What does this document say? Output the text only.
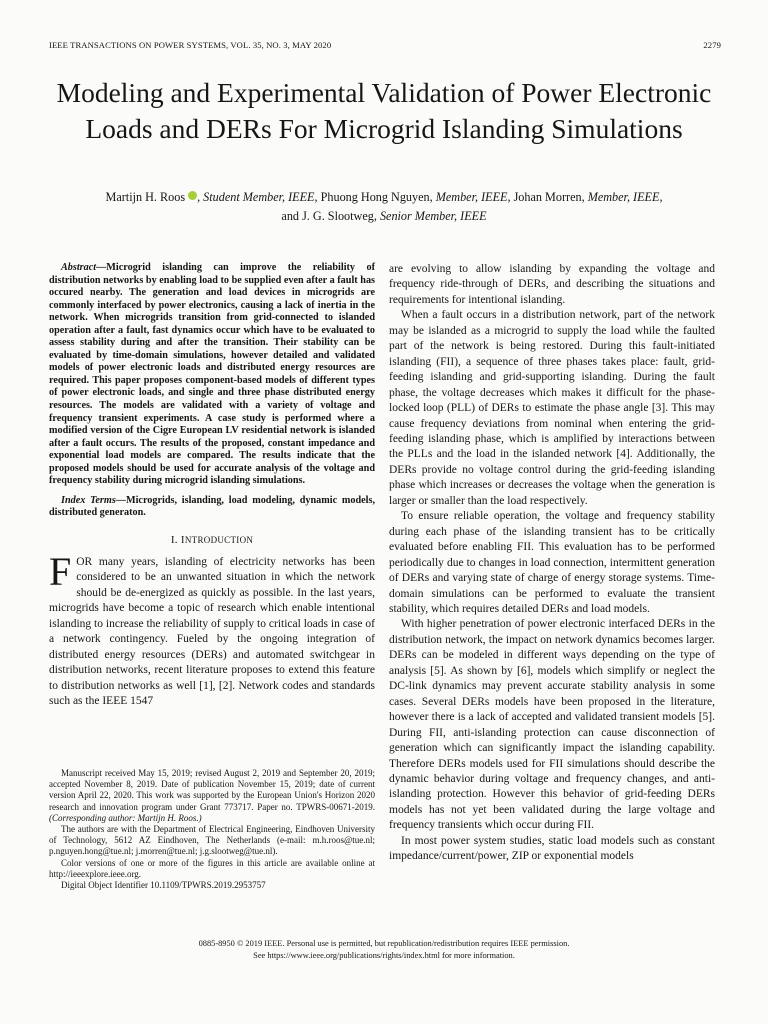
IEEE TRANSACTIONS ON POWER SYSTEMS, VOL. 35, NO. 3, MAY 2020	2279
Modeling and Experimental Validation of Power Electronic Loads and DERs For Microgrid Islanding Simulations
Martijn H. Roos , Student Member, IEEE, Phuong Hong Nguyen, Member, IEEE, Johan Morren, Member, IEEE,
and J. G. Slootweg, Senior Member, IEEE

Abstract—Microgrid islanding can improve the reliability of distribution networks by enabling load to be supplied even after a fault has occured nearby. The generation and load devices in microgrids are commonly interfaced by power electronics, causing a lack of inertia in the network. When microgrids transition from grid-connected to islanded operation after a fault, fast dynamics occur which have to be evaluated to assess stability during and after the transition. Their stability can be evaluated by time-domain simulations, however detailed and validated models of power electronic loads and distributed energy resources are required. This paper proposes component-based models of different types of power electronic loads, and single and three phase distributed energy resources. The models are validated with a variety of voltage and frequency transient experiments. A case study is performed where a modified version of the Cigre European LV residential network is islanded after a fault occurs. The results of the proposed, constant impedance and exponential load models are compared. The results indicate that the proposed models should be used for accurate analysis of the voltage and frequency stability during microgrid islanding simulations.

Index Terms—Microgrids, islanding, load modeling, dynamic models, distributed generaton.

I. INTRODUCTION

FOR many years, islanding of electricity networks has been considered to be an unwanted situation in which the network should be de-energized as quickly as possible. In the last years, microgrids have become a topic of research which enable intentional islanding to increase the reliability of supply to critical loads in case of a network contingency. Fueled by the ongoing integration of distributed energy resources (DERs) and automated switchgear in distribution networks, recent literature proposes to extend this feature to distribution networks as well [1], [2]. Network codes and standards such as the IEEE 1547

Manuscript received May 15, 2019; revised August 2, 2019 and September 20, 2019; accepted November 8, 2019. Date of publication November 15, 2019; date of current version April 22, 2020. This work was supported by the European Union's Horizon 2020 research and innovation program under Grant 773717. Paper no. TPWRS-00671-2019. (Corresponding author: Martijn H. Roos.)

The authors are with the Department of Electrical Engineering, Eindhoven University of Technology, 5612 AZ Eindhoven, The Netherlands (e-mail: m.h.roos@tue.nl; p.nguyen.hong@tue.nl; j.morren@tue.nl; j.g.slootweg@tue.nl).

Color versions of one or more of the figures in this article are available online at http://ieeexplore.ieee.org.

Digital Object Identifier 10.1109/TPWRS.2019.2953757

are evolving to allow islanding by expanding the voltage and frequency ride-through of DERs, and describing the situations and requirements for intentional islanding.

When a fault occurs in a distribution network, part of the network may be islanded as a microgrid to supply the load while the faulted part of the network is being restored. During this fault-initiated islanding (FII), a sequence of three phases takes place: fault, grid-feeding islanding and grid-supporting islanding. During the fault phase, the voltage decreases which makes it difficult for the phase-locked loop (PLL) of DERs to estimate the phase angle [3]. This may cause frequency deviations from nominal when entering the grid-feeding islanding phase, which is amplified by interactions between the PLLs and the load in the islanded network [4]. Additionally, the DERs provide no voltage control during the grid-feeding islanding phase which increases or decreases the voltage when the generation is larger or smaller than the load respectively.

To ensure reliable operation, the voltage and frequency stability during each phase of the islanding transient has to be critically evaluated before enabling FII. This evaluation has to be performed periodically due to changes in load connection, intermittent generation of DERs and varying state of charge of energy storage systems. Time-domain simulations can be performed to evaluate the transient stability, which requires detailed DERs and load models.

With higher penetration of power electronic interfaced DERs in the distribution network, the impact on network dynamics becomes larger. DERs can be modeled in different ways depending on the type of analysis [5]. As shown by [6], models which simplify or neglect the DC-link dynamics may prevent accurate stability analysis in some cases. Several DERs models have been proposed in the literature, however there is a lack of accepted and validated transient models [5]. During FII, anti-islanding protection can cause disconnection of generation which can significantly impact the islanding capability. Therefore DERs models used for FII simulations should describe the dynamic behavior during voltage and frequency changes, and anti-islanding protection. However this behavior of grid-feeding DERs models has not yet been validated during the large voltage and frequency transients which occur during FII.

In most power system studies, static load models such as constant impedance/current/power, ZIP or exponential models

0885-8950 © 2019 IEEE. Personal use is permitted, but republication/redistribution requires IEEE permission.
See https://www.ieee.org/publications/rights/index.html for more information.
